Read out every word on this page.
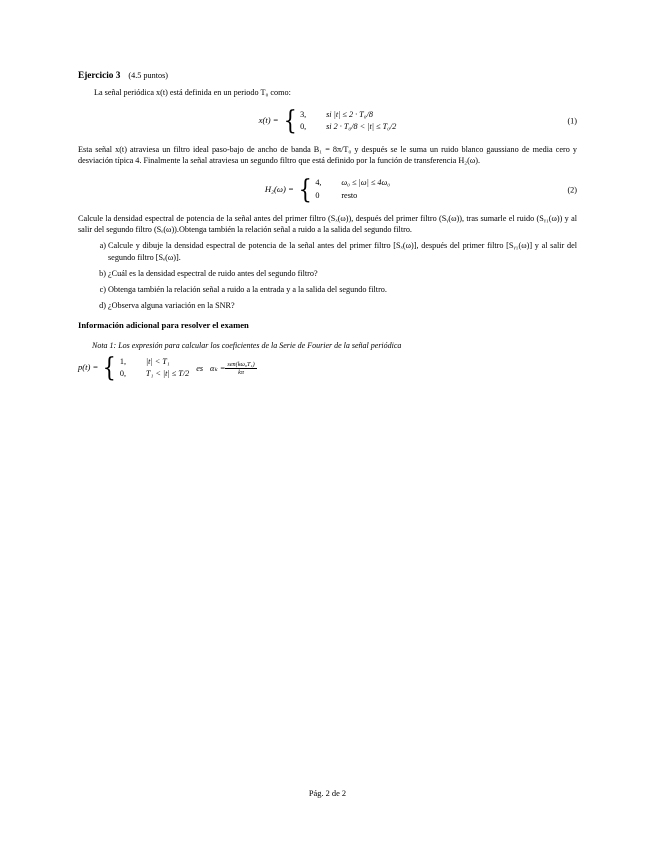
Ejercicio 3 (4.5 puntos)

La señal periódica x(t) está definida en un periodo T₀ como:

x(t) = { 3,	si |t| ≤ 2 · T₀/8
0,	si 2 · T₀/8 < |t| ≤ T₀/2
(1)

Esta señal x(t) atraviesa un filtro ideal paso-bajo de ancho de banda B₁ = 8π/T₀ y después se le suma un ruido blanco gaussiano de media cero y desviación típica 4. Finalmente la señal atraviesa un segundo filtro que está definido por la función de transferencia H₂(ω).

H₂(ω) = { 4,	ω₀ ≤ |ω| ≤ 4ω₀
0	resto
(2)

Calcule la densidad espectral de potencia de la señal antes del primer filtro (Sₓ(ω)), después del primer filtro (Sᵧ(ω)), tras sumarle el ruido (Sᵧ₁(ω)) y al salir del segundo filtro (Sₑ(ω)).Obtenga también la relación señal a ruido a la salida del segundo filtro.

Calcule y dibuje la densidad espectral de potencia de la señal antes del primer filtro [Sₓ(ω)], después del primer filtro [Sᵧ₁(ω)] y al salir del segundo filtro [Sₑ(ω)].
¿Cuál es la densidad espectral de ruido antes del segundo filtro?
Obtenga también la relación señal a ruido a la entrada y a la salida del segundo filtro.
¿Observa alguna variación en la SNR?
Información adicional para resolver el examen
Nota 1: Los expresión para calcular los coeficientes de la Serie de Fourier de la señal periódica
p(t) = { 1,	|t| < T₁
0,	T₁ < |t| ≤ T/2
es $\alpha_k = \frac{\text{sen(kω₀T₁)}}{k\pi}$
Pág. 2 de 2
